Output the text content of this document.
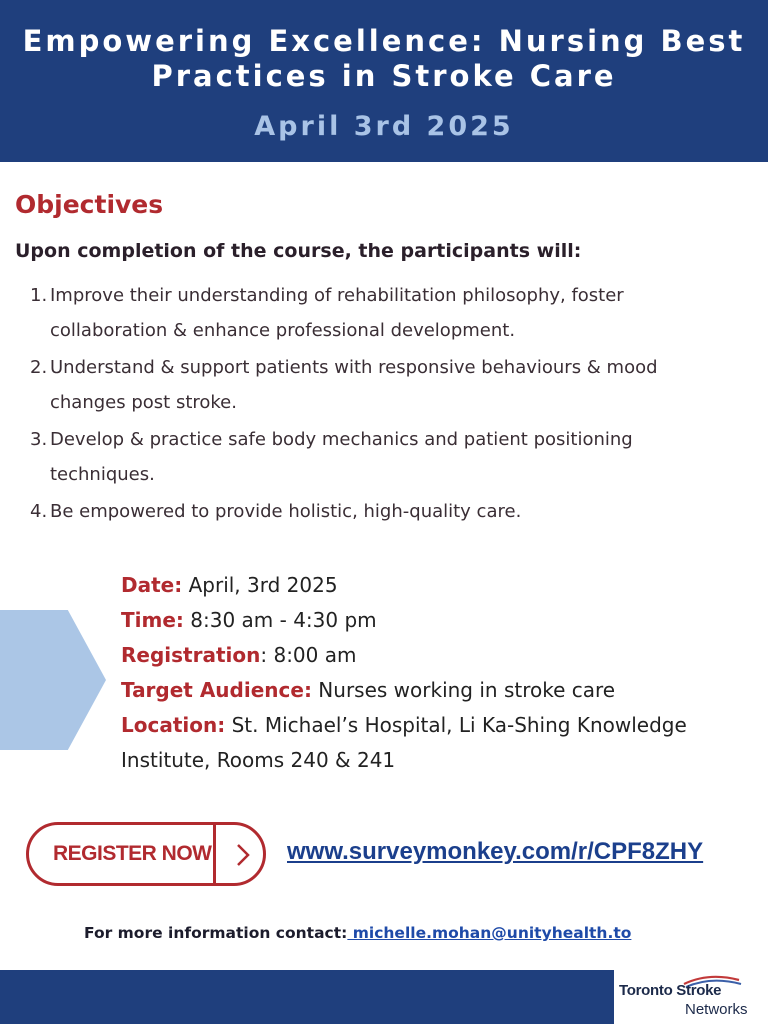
Empowering Excellence: Nursing Best
Practices in Stroke Care
April 3rd 2025
Objectives
Upon completion of the course, the participants will:
1. Improve their understanding of rehabilitation philosophy, foster
collaboration & enhance professional development.
2. Understand & support patients with responsive behaviours & mood
changes post stroke.
3. Develop & practice safe body mechanics and patient positioning
techniques.
4. Be empowered to provide holistic, high-quality care.
Date: April, 3rd 2025
Time: 8:30 am - 4:30 pm
Registration: 8:00 am
Target Audience: Nurses working in stroke care
Location: St. Michael’s Hospital, Li Ka-Shing Knowledge Institute, Rooms 240 & 241
REGISTER NOW	www.surveymonkey.com/r/CPF8ZHY
For more information contact: michelle.mohan@unityhealth.to
Toronto Stroke
Networks
